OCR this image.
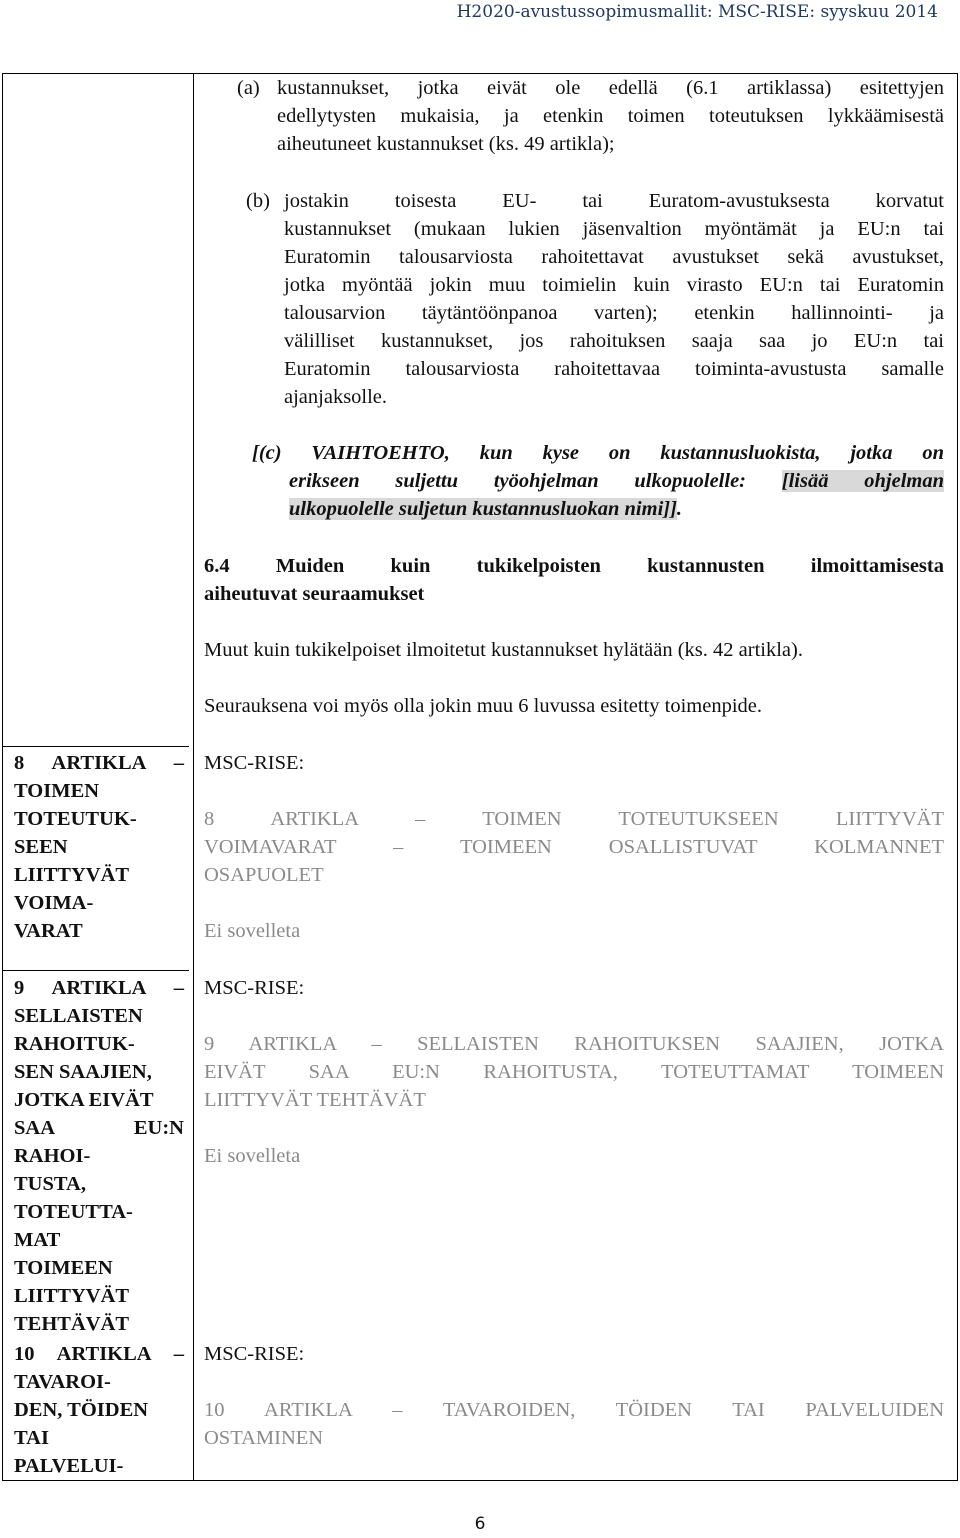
H2020-avustussopimusmallit: MSC-RISE: syyskuu 2014
(a) kustannukset, jotka eivät ole edellä (6.1 artiklassa) esitettyjen
edellytysten mukaisia, ja etenkin toimen toteutuksen lykkäämisestä
aiheutuneet kustannukset (ks. 49 artikla);
(b) jostakin toisesta EU- tai Euratom-avustuksesta korvatut
kustannukset (mukaan lukien jäsenvaltion myöntämät ja EU:n tai
Euratomin talousarviosta rahoitettavat avustukset sekä avustukset,
jotka myöntää jokin muu toimielin kuin virasto EU:n tai Euratomin
talousarvion täytäntöönpanoa varten); etenkin hallinnointi- ja
välilliset kustannukset, jos rahoituksen saaja saa jo EU:n tai
Euratomin talousarviosta rahoitettavaa toiminta-avustusta samalle
ajanjaksolle.
[(c) VAIHTOEHTO, kun kyse on kustannusluokista, jotka on
erikseen suljettu työohjelman ulkopuolelle: [lisää ohjelman
ulkopuolelle suljetun kustannusluokan nimi]].
6.4 Muiden kuin tukikelpoisten kustannusten ilmoittamisesta
aiheutuvat seuraamukset
Muut kuin tukikelpoiset ilmoitetut kustannukset hylätään (ks. 42 artikla).
Seurauksena voi myös olla jokin muu 6 luvussa esitetty toimenpide.
8 ARTIKLA –
TOIMEN
TOTEUTUK-
SEEN
LIITTYVÄT
VOIMA-
VARAT
MSC-RISE:
8 ARTIKLA – TOIMEN TOTEUTUKSEEN LIITTYVÄT
VOIMAVARAT – TOIMEEN OSALLISTUVAT KOLMANNET
OSAPUOLET
Ei sovelleta
9 ARTIKLA –
SELLAISTEN
RAHOITUK-
SEN SAAJIEN,
JOTKA EIVÄT
SAA EU:N
RAHOI-
TUSTA,
TOTEUTTA-
MAT
TOIMEEN
LIITTYVÄT
TEHTÄVÄT
MSC-RISE:
9 ARTIKLA – SELLAISTEN RAHOITUKSEN SAAJIEN, JOTKA
EIVÄT SAA EU:N RAHOITUSTA, TOTEUTTAMAT TOIMEEN
LIITTYVÄT TEHTÄVÄT
Ei sovelleta
10 ARTIKLA –
TAVAROI-
DEN, TÖIDEN
TAI
PALVELUI-
MSC-RISE:
10 ARTIKLA – TAVAROIDEN, TÖIDEN TAI PALVELUIDEN
OSTAMINEN
6
